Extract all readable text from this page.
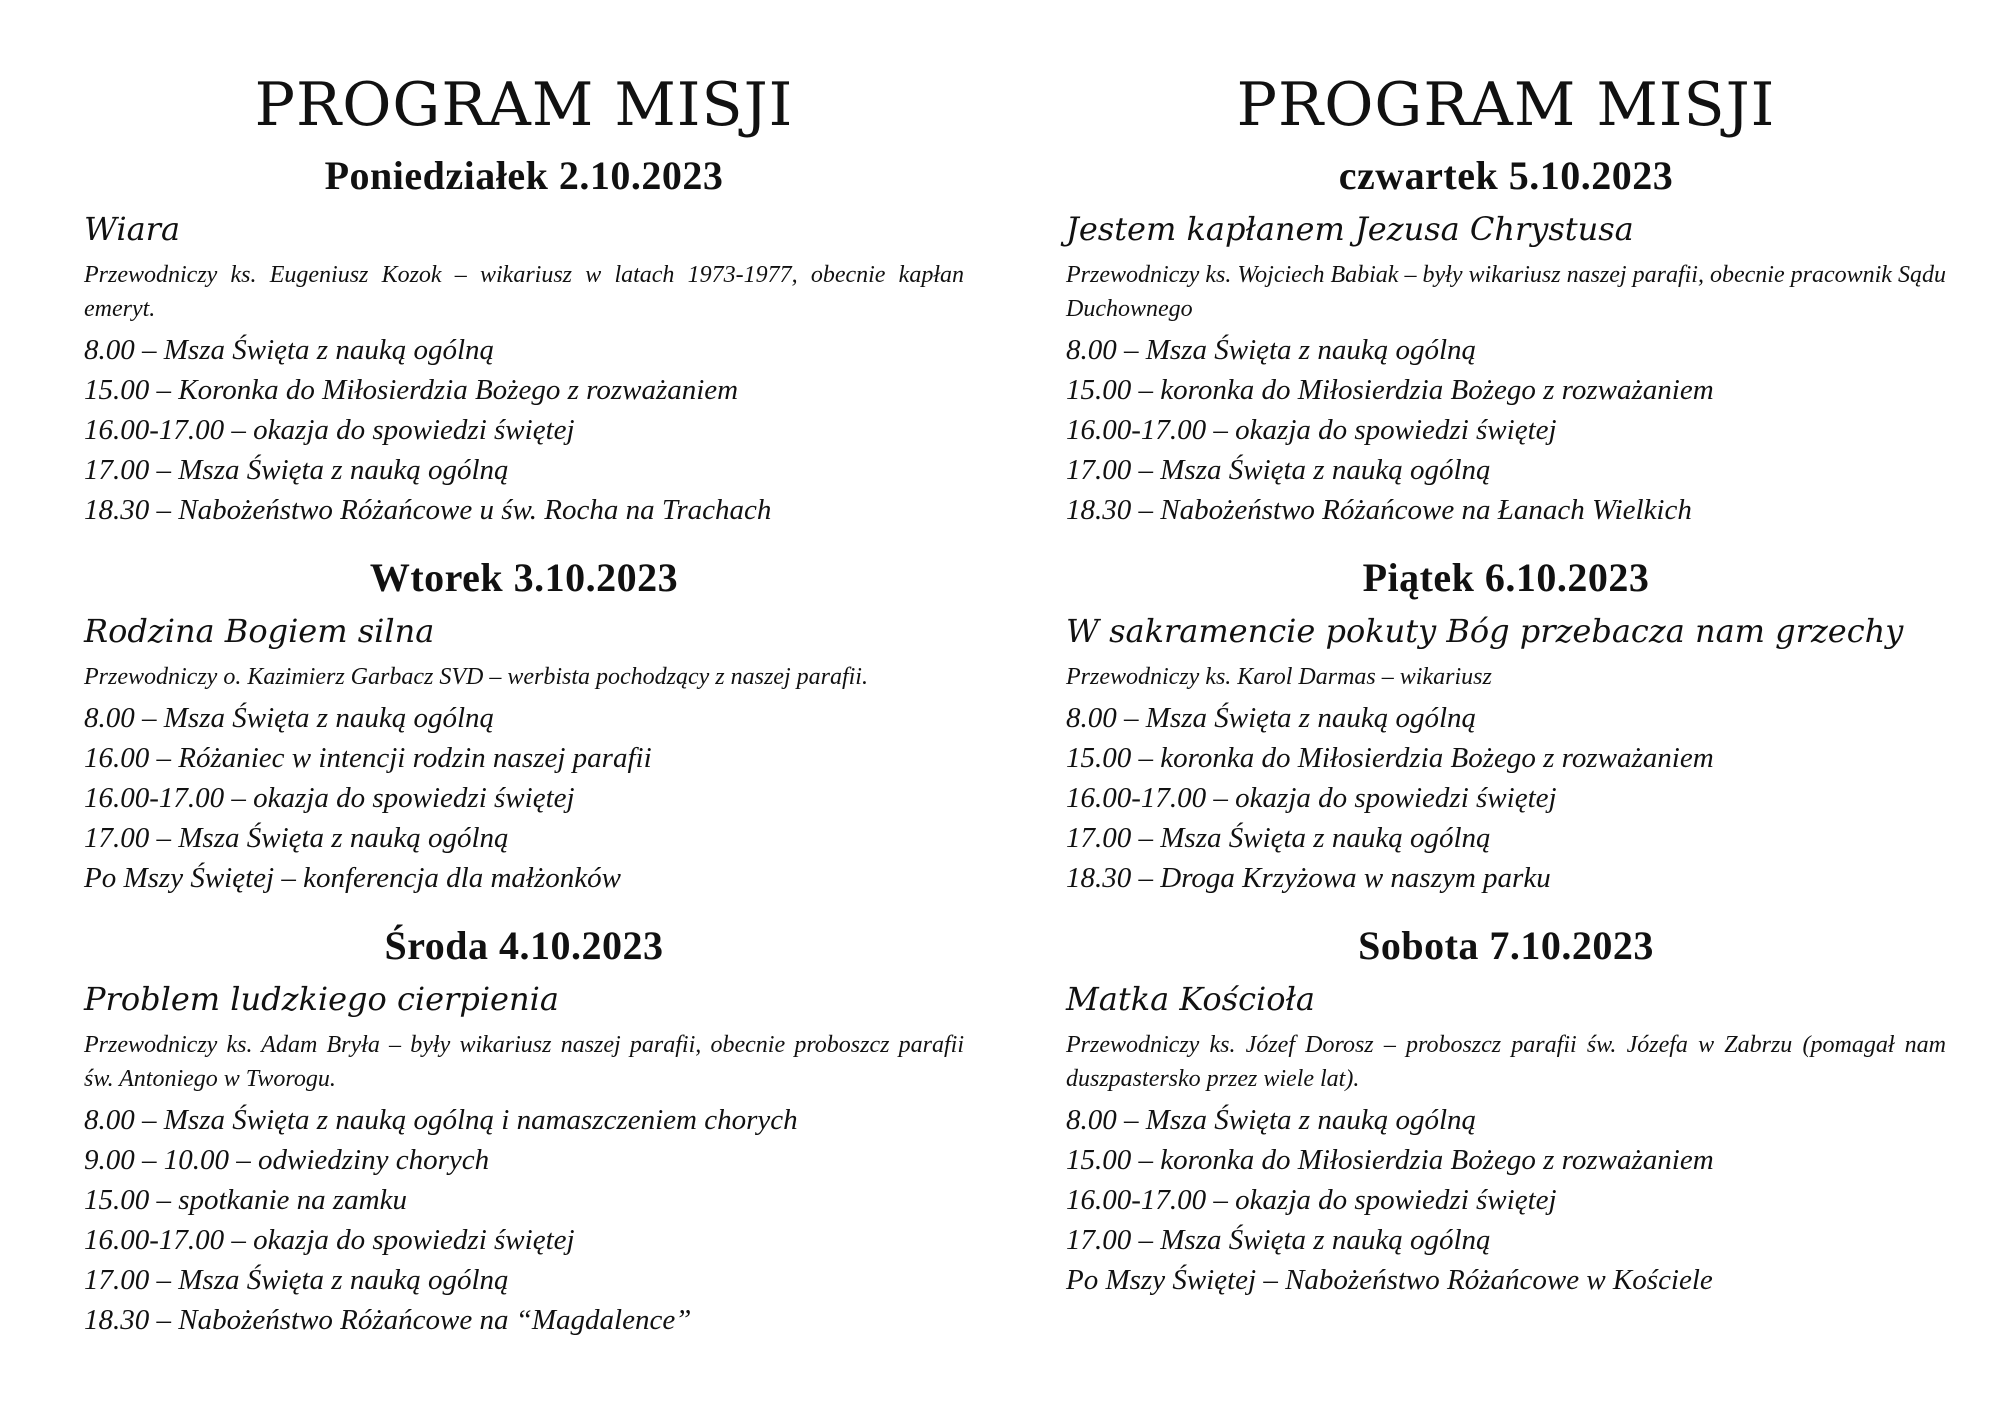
PROGRAM MISJI
Poniedziałek 2.10.2023
Wiara
Przewodniczy ks. Eugeniusz Kozok – wikariusz w latach 1973-1977, obecnie kapłan emeryt.
8.00 – Msza Święta z nauką ogólną
15.00 – Koronka do Miłosierdzia Bożego z rozważaniem
16.00-17.00 – okazja do spowiedzi świętej
17.00 – Msza Święta z nauką ogólną
18.30 – Nabożeństwo Różańcowe u św. Rocha na Trachach
Wtorek 3.10.2023
Rodzina Bogiem silna
Przewodniczy o. Kazimierz Garbacz SVD – werbista pochodzący z naszej parafii.
8.00 – Msza Święta z nauką ogólną
16.00 – Różaniec w intencji rodzin naszej parafii
16.00-17.00 – okazja do spowiedzi świętej
17.00 – Msza Święta z nauką ogólną
Po Mszy Świętej – konferencja dla małżonków
Środa 4.10.2023
Problem ludzkiego cierpienia
Przewodniczy ks. Adam Bryła – były wikariusz naszej parafii, obecnie proboszcz parafii św. Antoniego w Tworogu.
8.00 – Msza Święta z nauką ogólną i namaszczeniem chorych
9.00 – 10.00 – odwiedziny chorych
15.00 – spotkanie na zamku
16.00-17.00 – okazja do spowiedzi świętej
17.00 – Msza Święta z nauką ogólną
18.30 – Nabożeństwo Różańcowe na “Magdalence”
PROGRAM MISJI
czwartek 5.10.2023
Jestem kapłanem Jezusa Chrystusa
Przewodniczy ks. Wojciech Babiak – były wikariusz naszej parafii, obecnie pracownik Sądu Duchownego
8.00 – Msza Święta z nauką ogólną
15.00 – koronka do Miłosierdzia Bożego z rozważaniem
16.00-17.00 – okazja do spowiedzi świętej
17.00 – Msza Święta z nauką ogólną
18.30 – Nabożeństwo Różańcowe na Łanach Wielkich
Piątek 6.10.2023
W sakramencie pokuty Bóg przebacza nam grzechy
Przewodniczy ks. Karol Darmas – wikariusz
8.00 – Msza Święta z nauką ogólną
15.00 – koronka do Miłosierdzia Bożego z rozważaniem
16.00-17.00 – okazja do spowiedzi świętej
17.00 – Msza Święta z nauką ogólną
18.30 – Droga Krzyżowa w naszym parku
Sobota 7.10.2023
Matka Kościoła
Przewodniczy ks. Józef Dorosz – proboszcz parafii św. Józefa w Zabrzu (pomagał nam duszpastersko przez wiele lat).
8.00 – Msza Święta z nauką ogólną
15.00 – koronka do Miłosierdzia Bożego z rozważaniem
16.00-17.00 – okazja do spowiedzi świętej
17.00 – Msza Święta z nauką ogólną
Po Mszy Świętej – Nabożeństwo Różańcowe w Kościele
